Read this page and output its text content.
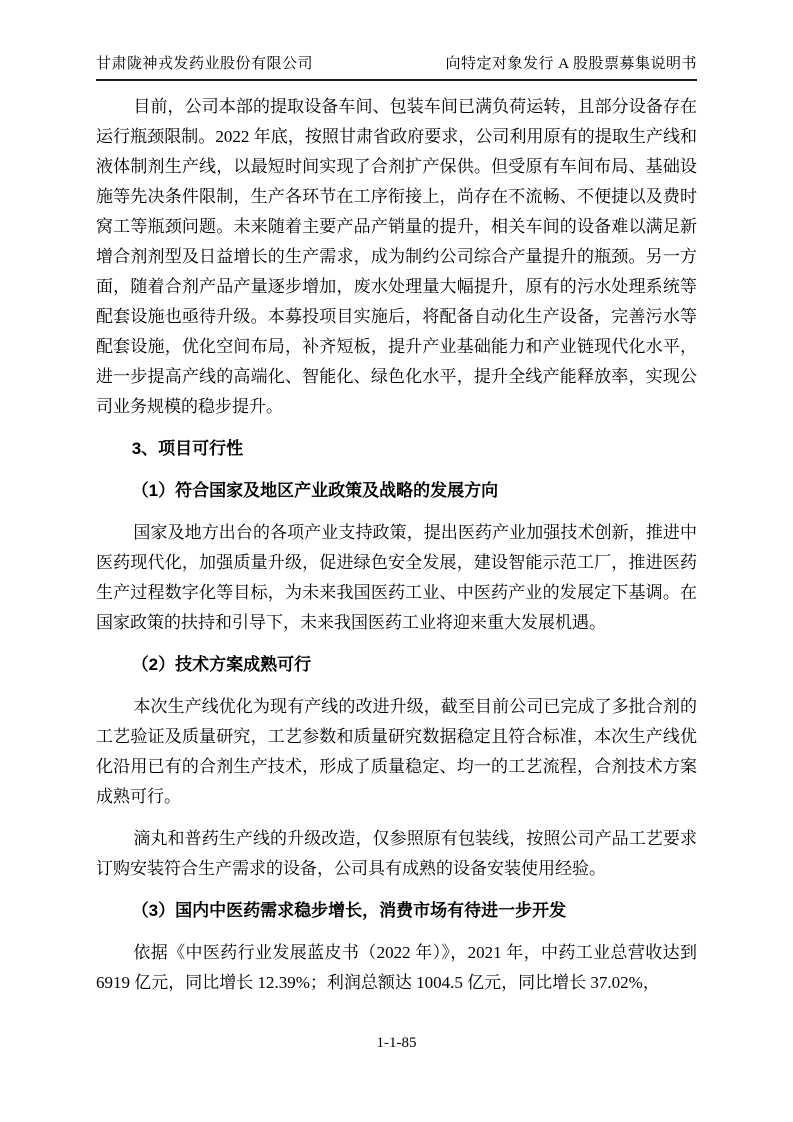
甘肃陇神戎发药业股份有限公司	向特定对象发行 A 股股票募集说明书

目前，公司本部的提取设备车间、包装车间已满负荷运转，且部分设备存在运行瓶颈限制。2022 年底，按照甘肃省政府要求，公司利用原有的提取生产线和液体制剂生产线，以最短时间实现了合剂扩产保供。但受原有车间布局、基础设施等先决条件限制，生产各环节在工序衔接上，尚存在不流畅、不便捷以及费时窝工等瓶颈问题。未来随着主要产品产销量的提升，相关车间的设备难以满足新增合剂剂型及日益增长的生产需求，成为制约公司综合产量提升的瓶颈。另一方面，随着合剂产品产量逐步增加，废水处理量大幅提升，原有的污水处理系统等配套设施也亟待升级。本募投项目实施后，将配备自动化生产设备，完善污水等配套设施，优化空间布局，补齐短板，提升产业基础能力和产业链现代化水平，进一步提高产线的高端化、智能化、绿色化水平，提升全线产能释放率，实现公司业务规模的稳步提升。

3、项目可行性
（1）符合国家及地区产业政策及战略的发展方向

国家及地方出台的各项产业支持政策，提出医药产业加强技术创新，推进中医药现代化，加强质量升级，促进绿色安全发展，建设智能示范工厂，推进医药生产过程数字化等目标，为未来我国医药工业、中医药产业的发展定下基调。在国家政策的扶持和引导下，未来我国医药工业将迎来重大发展机遇。

（2）技术方案成熟可行

本次生产线优化为现有产线的改进升级，截至目前公司已完成了多批合剂的工艺验证及质量研究，工艺参数和质量研究数据稳定且符合标准，本次生产线优化沿用已有的合剂生产技术，形成了质量稳定、均一的工艺流程，合剂技术方案成熟可行。

滴丸和普药生产线的升级改造，仅参照原有包装线，按照公司产品工艺要求订购安装符合生产需求的设备，公司具有成熟的设备安装使用经验。

（3）国内中医药需求稳步增长，消费市场有待进一步开发

依据《中医药行业发展蓝皮书（2022 年）》，2021 年，中药工业总营收达到 6919 亿元，同比增长 12.39%；利润总额达 1004.5 亿元，同比增长 37.02%，

1-1-85
